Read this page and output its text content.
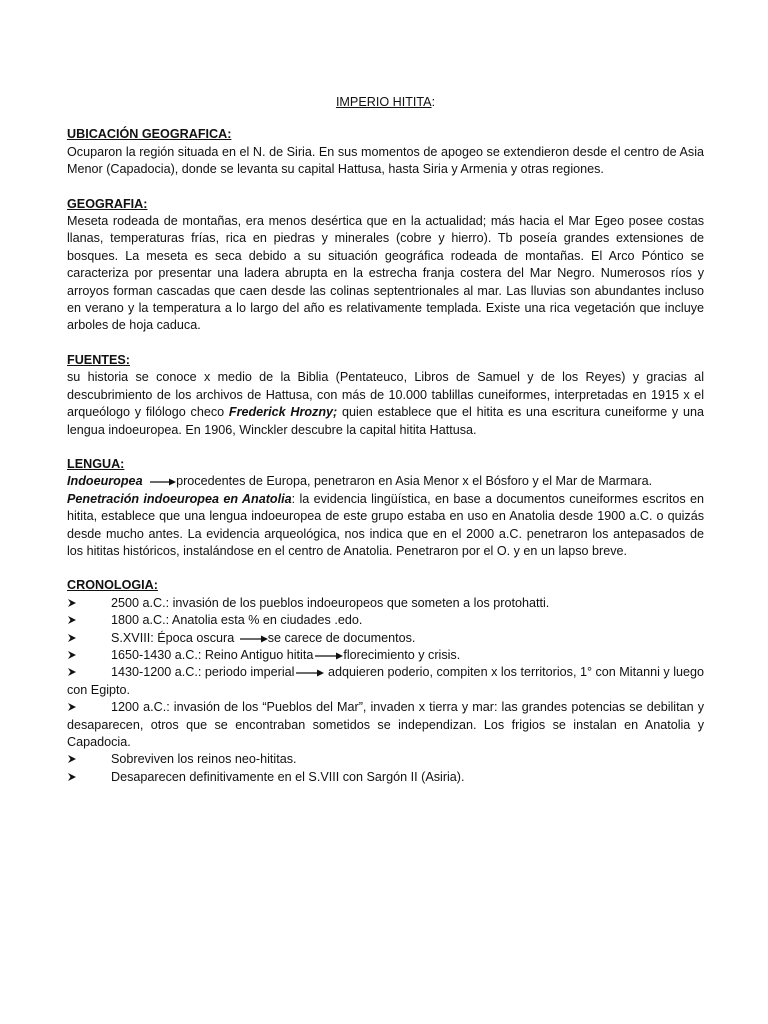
IMPERIO HITITA:

UBICACIÓN GEOGRAFICA:

Ocuparon la región situada en el N. de Siria. En sus momentos de apogeo se extendieron desde el centro de Asia Menor (Capadocia), donde se levanta su capital Hattusa, hasta Siria y Armenia y otras regiones.

GEOGRAFIA:

Meseta rodeada de montañas, era menos desértica que en la actualidad; más hacia el Mar Egeo posee costas llanas, temperaturas frías, rica en piedras y minerales (cobre y hierro). Tb poseía grandes extensiones de bosques. La meseta es seca debido a su situación geográfica rodeada de montañas. El Arco Póntico se caracteriza por presentar una ladera abrupta en la estrecha franja costera del Mar Negro. Numerosos ríos y arroyos forman cascadas que caen desde las colinas septentrionales al mar. Las lluvias son abundantes incluso en verano y la temperatura a lo largo del año es relativamente templada. Existe una rica vegetación que incluye arboles de hoja caduca.

FUENTES:

su historia se conoce x medio de la Biblia (Pentateuco, Libros de Samuel y de los Reyes) y gracias al descubrimiento de los archivos de Hattusa, con más de 10.000 tablillas cuneiformes, interpretadas en 1915 x el arqueólogo y filólogo checo Frederick Hrozny; quien establece que el hitita es una escritura cuneiforme y una lengua indoeuropea. En 1906, Winckler descubre la capital hitita Hattusa.

LENGUA:

Indoeuropea	procedentes de Europa, penetraron en Asia Menor x el Bósforo y el Mar de Marmara.

Penetración indoeuropea en Anatolia: la evidencia lingüística, en base a documentos cuneiformes escritos en hitita, establece que una lengua indoeuropea de este grupo estaba en uso en Anatolia desde 1900 a.C. o quizás desde mucho antes. La evidencia arqueológica, nos indica que en el 2000 a.C. penetraron los antepasados de los hititas históricos, instalándose en el centro de Anatolia. Penetraron por el O. y en un lapso breve.

CRONOLOGIA:

2500 a.C.: invasión de los pueblos indoeuropeos que someten a los protohatti.
1800 a.C.: Anatolia esta % en ciudades .edo.
S.XVIII: Época oscura	se carece de documentos.
1650-1430 a.C.: Reino Antiguo hitita florecimiento y crisis.
1430-1200 a.C.: periodo imperial adquieren poderio, compiten x los territorios, 1° con Mitanni y luego con Egipto.
1200 a.C.: invasión de los “Pueblos del Mar”, invaden x tierra y mar: las grandes potencias se debilitan y desaparecen, otros que se encontraban sometidos se independizan. Los frigios se instalan en Anatolia y Capadocia.
Sobreviven los reinos neo-hititas.
Desaparecen definitivamente en el S.VIII con Sargón II (Asiria).
